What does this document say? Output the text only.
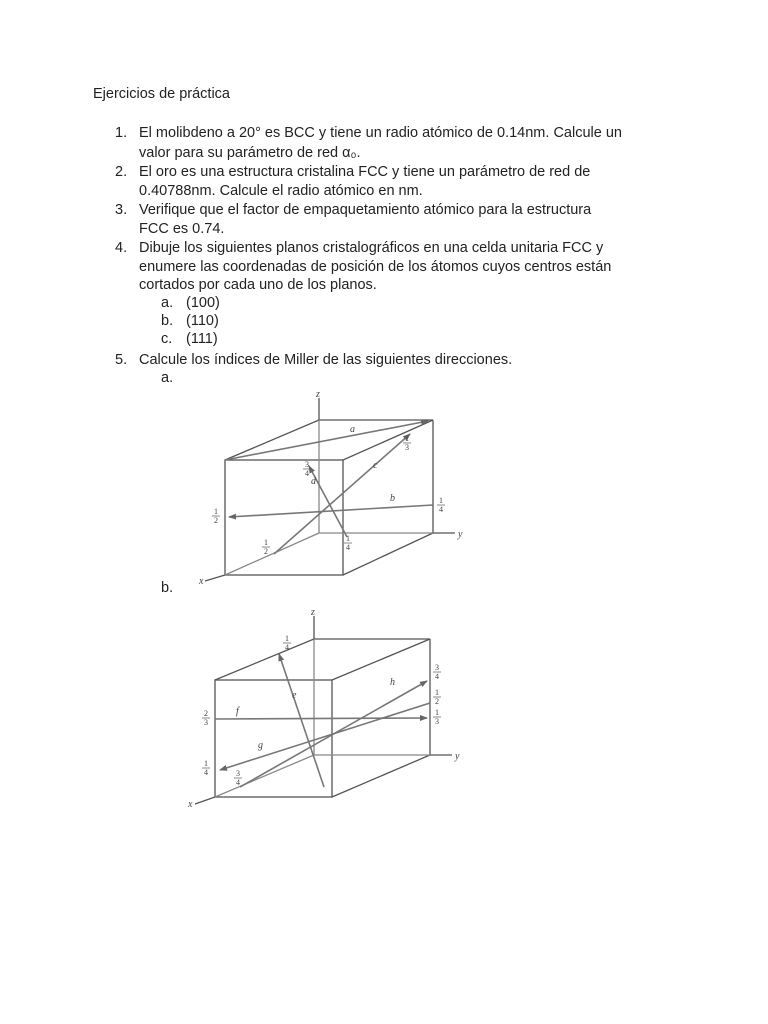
Ejercicios de práctica
1. El molibdeno a 20° es BCC y tiene un radio atómico de 0.14nm. Calcule un
valor para su parámetro de red α₀.
2. El oro es una estructura cristalina FCC y tiene un parámetro de red de
0.40788nm. Calcule el radio atómico en nm.
3. Verifique que el factor de empaquetamiento atómico para la estructura
FCC es 0.74.
4. Dibuje los siguientes planos cristalográficos en una celda unitaria FCC y
enumere las coordenadas de posición de los átomos cuyos centros están
cortados por cada uno de los planos.
a. (100)
b. (110)
c. (111)
5. Calcule los índices de Miller de las siguientes direcciones.
a.
z
y
x
a
b
c
d
1
3
3
4
1
2
1
4
1
2
1
4
b.
z
y
x
e
f
g
h
1
4
3
4
1
2
1
3
2
3
1
4	3
4
